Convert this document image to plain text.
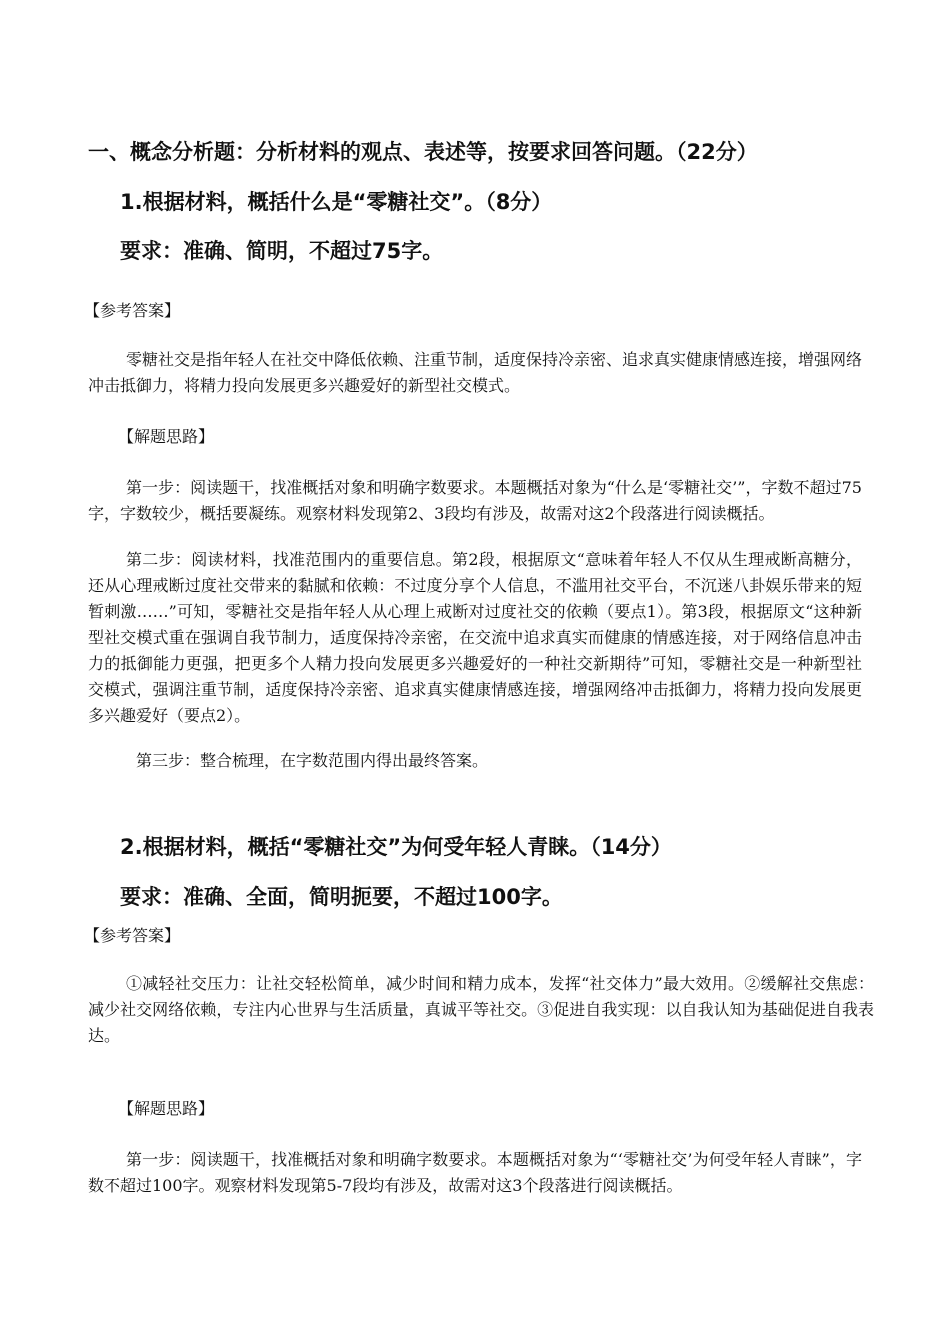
一、概念分析题：分析材料的观点、表述等，按要求回答问题。（22分）
1.根据材料，概括什么是“零糖社交”。（8分）

要求：准确、简明，不超过75字。

【参考答案】

零糖社交是指年轻人在社交中降低依赖、注重节制，适度保持冷亲密、追求真实健康情感连接，增强网络冲击抵御力，将精力投向发展更多兴趣爱好的新型社交模式。

【解题思路】

第一步：阅读题干，找准概括对象和明确字数要求。本题概括对象为“什么是‘零糖社交’”，字数不超过75字，字数较少，概括要凝练。观察材料发现第2、3段均有涉及，故需对这2个段落进行阅读概括。

第二步：阅读材料，找准范围内的重要信息。第2段，根据原文“意味着年轻人不仅从生理戒断高糖分，还从心理戒断过度社交带来的黏腻和依赖：不过度分享个人信息，不滥用社交平台，不沉迷八卦娱乐带来的短暂刺激……”可知，零糖社交是指年轻人从心理上戒断对过度社交的依赖（要点1）。第3段，根据原文“这种新型社交模式重在强调自我节制力，适度保持冷亲密，在交流中追求真实而健康的情感连接，对于网络信息冲击力的抵御能力更强，把更多个人精力投向发展更多兴趣爱好的一种社交新期待”可知，零糖社交是一种新型社交模式，强调注重节制，适度保持冷亲密、追求真实健康情感连接，增强网络冲击抵御力，将精力投向发展更多兴趣爱好（要点2）。

第三步：整合梳理，在字数范围内得出最终答案。

2.根据材料，概括“零糖社交”为何受年轻人青睐。（14分）

要求：准确、全面，简明扼要，不超过100字。

【参考答案】

①减轻社交压力：让社交轻松简单，减少时间和精力成本，发挥“社交体力”最大效用。②缓解社交焦虑：减少社交网络依赖，专注内心世界与生活质量，真诚平等社交。③促进自我实现：以自我认知为基础促进自我表达。

【解题思路】

第一步：阅读题干，找准概括对象和明确字数要求。本题概括对象为“‘零糖社交’为何受年轻人青睐”，字数不超过100字。观察材料发现第5-7段均有涉及，故需对这3个段落进行阅读概括。
